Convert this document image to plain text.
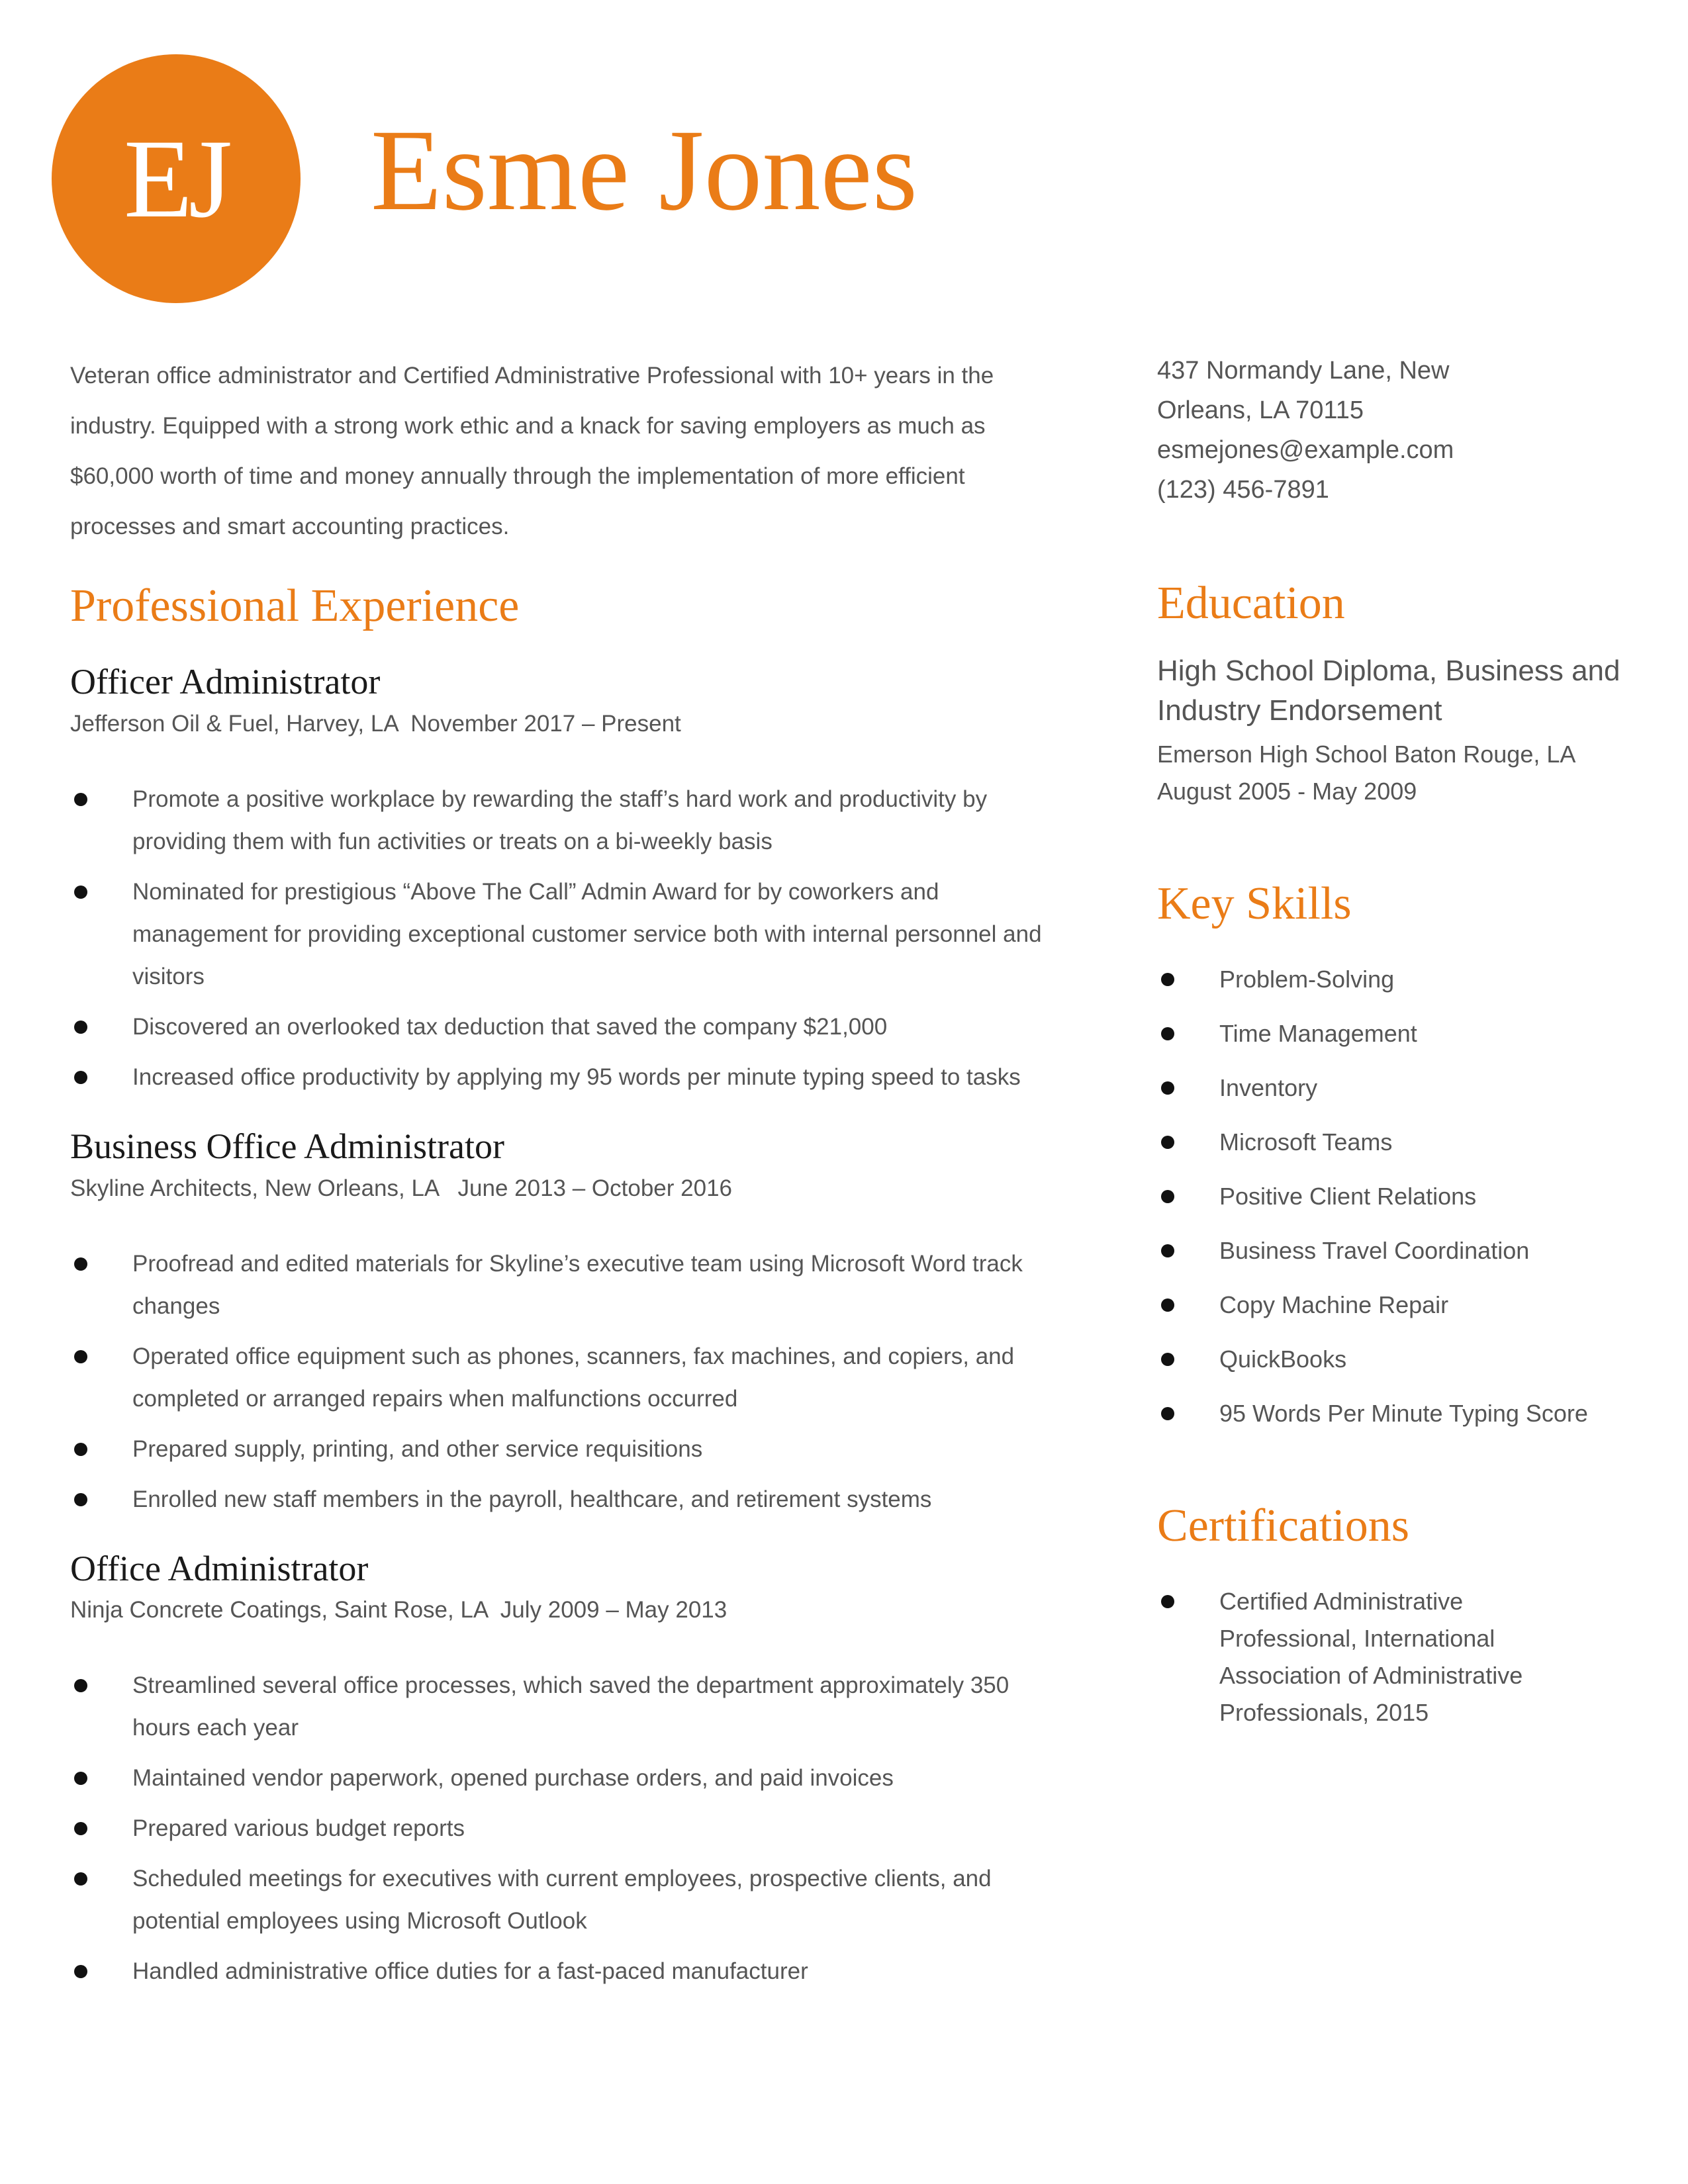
EJ Esme Jones

Veteran office administrator and Certified Administrative Professional with 10+ years in the industry. Equipped with a strong work ethic and a knack for saving employers as much as $60,000 worth of time and money annually through the implementation of more efficient processes and smart accounting practices.

Professional Experience
Officer Administrator

Jefferson Oil & Fuel, Harvey, LA  November 2017 – Present

Promote a positive workplace by rewarding the staff’s hard work and productivity by providing them with fun activities or treats on a bi-weekly basis
Nominated for prestigious “Above The Call” Admin Award for by coworkers and management for providing exceptional customer service both with internal personnel and visitors
Discovered an overlooked tax deduction that saved the company $21,000
Increased office productivity by applying my 95 words per minute typing speed to tasks
Business Office Administrator

Skyline Architects, New Orleans, LA   June 2013 – October 2016

Proofread and edited materials for Skyline’s executive team using Microsoft Word track changes
Operated office equipment such as phones, scanners, fax machines, and copiers, and completed or arranged repairs when malfunctions occurred
Prepared supply, printing, and other service requisitions
Enrolled new staff members in the payroll, healthcare, and retirement systems
Office Administrator

Ninja Concrete Coatings, Saint Rose, LA  July 2009 – May 2013

Streamlined several office processes, which saved the department approximately 350 hours each year
Maintained vendor paperwork, opened purchase orders, and paid invoices
Prepared various budget reports
Scheduled meetings for executives with current employees, prospective clients, and potential employees using Microsoft Outlook
Handled administrative office duties for a fast-paced manufacturer

437 Normandy Lane, New

Orleans, LA 70115

esmejones@example.com

(123) 456-7891

Education

High School Diploma, Business and Industry Endorsement

Emerson High School Baton Rouge, LA

August 2005 - May 2009

Key Skills
Problem-Solving
Time Management
Inventory
Microsoft Teams
Positive Client Relations
Business Travel Coordination
Copy Machine Repair
QuickBooks
95 Words Per Minute Typing Score
Certifications
Certified Administrative Professional, International Association of Administrative Professionals, 2015
